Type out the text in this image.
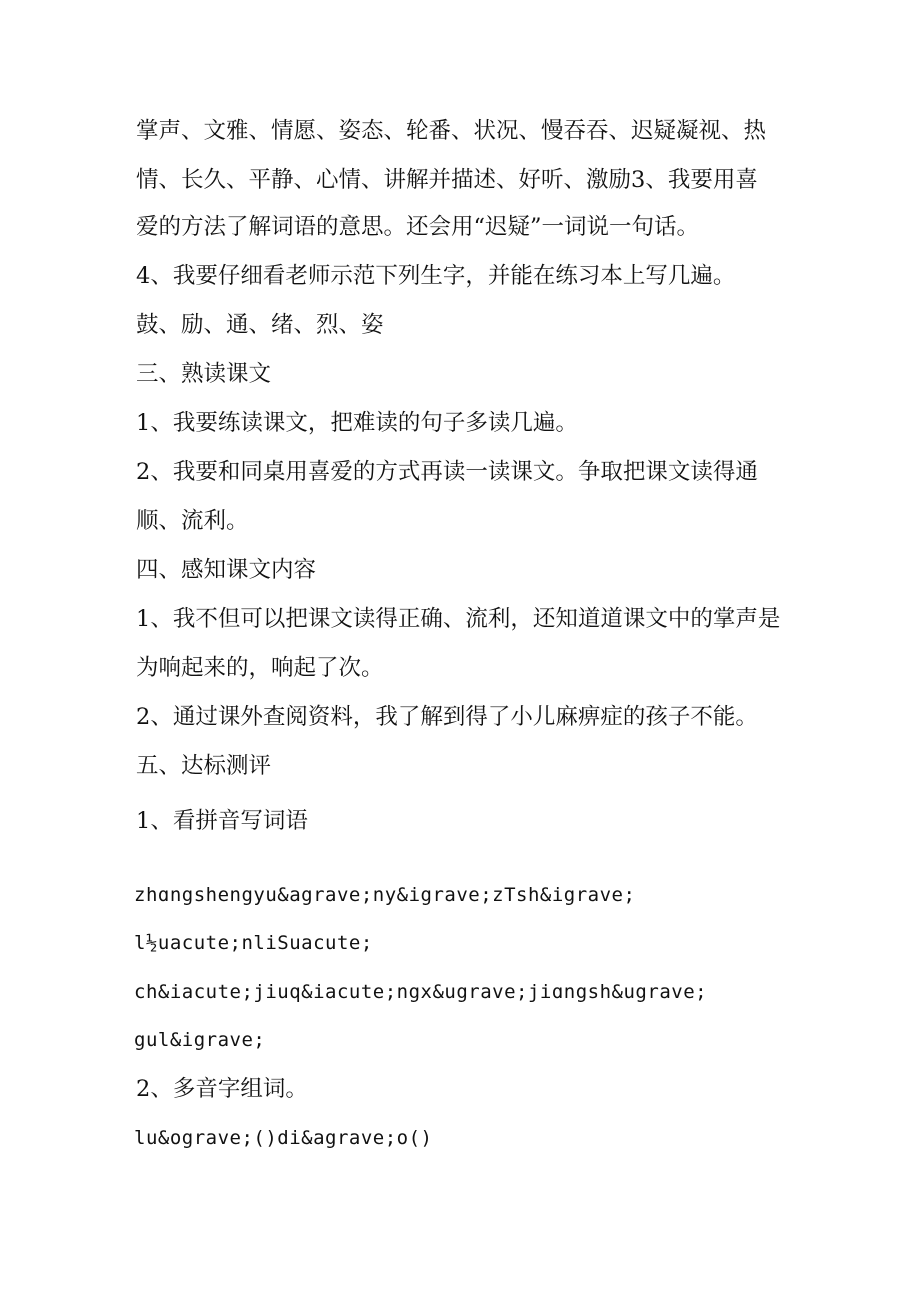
掌声、文雅、情愿、姿态、轮番、状况、慢吞吞、迟疑凝视、热
情、长久、平静、心情、讲解并描述、好听、激励3、我要用喜
爱的方法了解词语的意思。还会用“迟疑”一词说一句话。
4、我要仔细看老师示范下列生字，并能在练习本上写几遍。
鼓、励、通、绪、烈、姿
三、熟读课文
1、我要练读课文，把难读的句子多读几遍。
2、我要和同桌用喜爱的方式再读一读课文。争取把课文读得通
顺、流利。
四、感知课文内容
1、我不但可以把课文读得正确、流利，还知道道课文中的掌声是
为响起来的，响起了次。
2、通过课外查阅资料，我了解到得了小儿麻痹症的孩子不能。
五、达标测评
1、看拼音写词语
zhɑngshengyu&agrave;ny&igrave;zTsh&igrave;
l½uacute;nliSuacute;
ch&iacute;jiuq&iacute;ngx&ugrave;jiɑngsh&ugrave;
gul&igrave;
2、多音字组词。
lu&ograve;()di&agrave;o()
